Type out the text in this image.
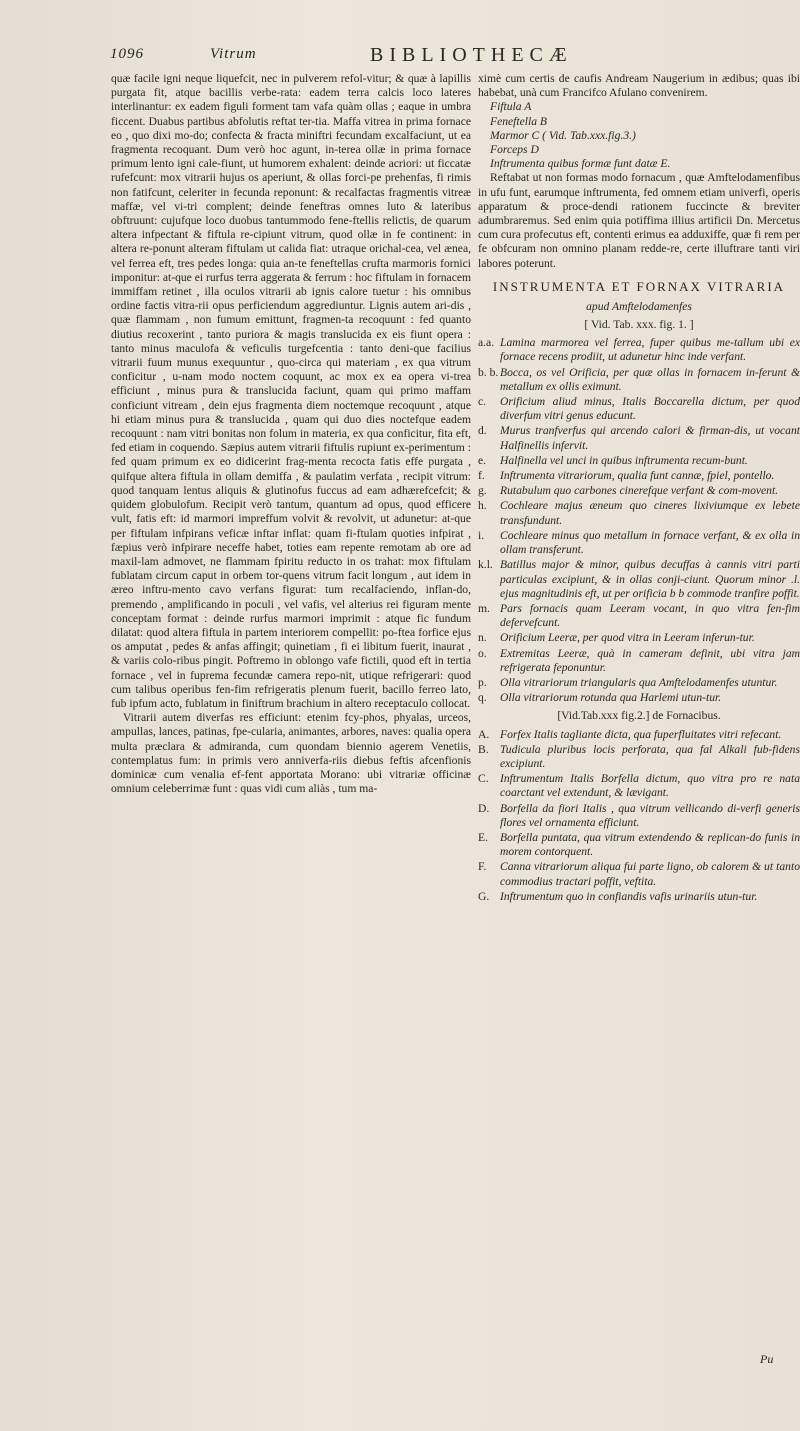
1096	Vitrum	BIBLIOTHECÆ

quæ facile igni neque liquefcit, nec in pulverem refol-vitur; & quæ à lapillis purgata fit, atque bacillis verbe-rata: eadem terra calcis loco lateres interlinantur: ex eadem figuli forment tam vafa quàm ollas ; eaque in umbra ficcent. Duabus partibus abfolutis reftat ter-tia. Maffa vitrea in prima fornace eo , quo dixi mo-do; confecta & fracta miniftri fecundam excalfaciunt, ut ea fragmenta recoquant. Dum verò hoc agunt, in-terea ollæ in prima fornace primum lento igni cale-fiunt, ut humorem exhalent: deinde acriori: ut ficcatæ rufefcunt: mox vitrarii hujus os aperiunt, & ollas forci-pe prehenfas, fi rimis non fatifcunt, celeriter in fecunda reponunt: & recalfactas fragmentis vitreæ maffæ, vel vi-tri complent; deinde feneftras omnes luto & lateribus obftruunt: cujufque loco duobus tantummodo fene-ftellis relictis, de quarum altera infpectant & fiftula re-cipiunt vitrum, quod ollæ in fe continent: in altera re-ponunt alteram fiftulam ut calida fiat: utraque orichal-cea, vel ænea, vel ferrea eft, tres pedes longa: quia an-te feneftellas crufta marmoris fornici imponitur: at-que ei rurfus terra aggerata & ferrum : hoc fiftulam in fornacem immiffam retinet , illa oculos vitrarii ab ignis calore tuetur : his omnibus ordine factis vitra-rii opus perficiendum aggrediuntur. Lignis autem ari-dis , quæ flammam , non fumum emittunt, fragmen-ta recoquunt : fed quanto diutius recoxerint , tanto puriora & magis translucida ex eis fiunt opera : tanto minus maculofa & veficulis turgefcentia : tanto deni-que facilius vitrarii fuum munus exequuntur , quo-circa qui materiam , ex qua vitrum conficitur , u-nam modo noctem coquunt, ac mox ex ea opera vi-trea efficiunt , minus pura & translucida faciunt, quam qui primo maffam conficiunt vitream , dein ejus fragmenta diem noctemque recoquunt , atque hi etiam minus pura & translucida , quam qui duo dies noctefque eadem recoquunt : nam vitri bonitas non folum in materia, ex qua conficitur, fita eft, fed etiam in coquendo. Sæpius autem vitrarii fiftulis rupiunt ex-perimentum : fed quam primum ex eo didicerint frag-menta recocta fatis effe purgata , quifque altera fiftula in ollam demiffa , & paulatim verfata , recipit vitrum: quod tanquam lentus aliquis & glutinofus fuccus ad eam adhærefcefcit; & quidem globulofum. Recipit verò tantum, quantum ad opus, quod efficere vult, fatis eft: id marmori impreffum volvit & revolvit, ut adunetur: at-que per fiftulam infpirans veficæ inftar inflat: quam fi-ftulam quoties infpirat , fæpius verò infpirare neceffe habet, toties eam repente remotam ab ore ad maxil-lam admovet, ne flammam fpiritu reducto in os trahat: mox fiftulam fublatam circum caput in orbem tor-quens vitrum facit longum , aut idem in æreo inftru-mento cavo verfans figurat: tum recalfaciendo, inflan-do, premendo , amplificando in poculi , vel vafis, vel alterius rei figuram mente conceptam format : deinde rurfus marmori imprimit : atque fic fundum dilatat: quod altera fiftula in partem interiorem compellit: po-ftea forfice ejus os amputat , pedes & anfas affingit; quinetiam , fi ei libitum fuerit, inaurat , & variis colo-ribus pingit. Poftremo in oblongo vafe fictili, quod eft in tertia fornace , vel in fuprema fecundæ camera repo-nit, utique refrigerari: quod cum talibus operibus fen-fim refrigeratis plenum fuerit, bacillo ferreo lato, fub ipfum acto, fublatum in finiftrum brachium in altero receptaculo collocat.

Vitrarii autem diverfas res efficiunt: etenim fcy-phos, phyalas, urceos, ampullas, lances, patinas, fpe-cularia, animantes, arbores, naves: qualia opera multa præclara & admiranda, cum quondam biennio agerem Venetiis, contemplatus fum: in primis vero anniverfa-riis diebus feftis afcenfionis dominicæ cum venalia ef-fent apportata Morano: ubi vitrariæ officinæ omnium celeberrimæ funt : quas vidi cum aliàs , tum ma-

ximè cum certis de caufis Andream Naugerium in ædibus; quas ibi habebat, unà cum Francifco Afulano convenirem.

Fiftula A

Feneftella B

Marmor C ( Vid. Tab.xxx.fig.3.)

Forceps D

Inftrumenta quibus formæ funt datæ E.

Reftabat ut non formas modo fornacum , quæ Amftelodamenfibus in ufu funt, earumque inftrumenta, fed omnem etiam univerfi, operis apparatum & proce-dendi rationem fuccincte & breviter adumbraremus. Sed enim quia potiffima illius artificii Dn. Mercetus cum cura profecutus eft, contenti erimus ea adduxiffe, quæ fi rem per fe obfcuram non omnino planam redde-re, certe illuftrare tanti viri labores poterunt.

INSTRUMENTA ET FORNAX VITRARIA

apud Amftelodamenfes

[ Vid. Tab. xxx. fig. 1. ]

a.a. Lamina marmorea vel ferrea, fuper quibus me-tallum ubi ex fornace recens prodiit, ut adunetur hinc inde verfant.
b. b. Bocca, os vel Orificia, per quæ ollas in fornacem in-ferunt & metallum ex ollis eximunt.
c.	Orificium aliud minus, Italis Boccarella dictum, per quod diverfum vitri genus educunt.
d.	Murus tranfverfus qui arcendo calori & firman-dis, ut vocant Halfinellis infervit.
e.	Halfinella vel unci in quibus inftrumenta recum-bunt.
f.	Inftrumenta vitrariorum, qualia funt cannæ, fpiel, pontello.
g.	Rutabulum quo carbones cinerefque verfant & com-movent.
h.	Cochleare majus æneum quo cineres lixiviumque ex lebete transfundunt.
i.	Cochleare minus quo metallum in fornace verfant, & ex olla in ollam transferunt.
k.l. Batillus major & minor, quibus decuffas à cannis vitri parti particulas excipiunt, & in ollas conji-ciunt. Quorum minor .l. ejus magnitudinis eft, ut per orificia b b commode tranfire poffit.
m. Pars fornacis quam Leeram vocant, in quo vitra fen-fim defervefcunt.
n.	Orificium Leeræ, per quod vitra in Leeram inferun-tur.
o.	Extremitas Leeræ, quà in cameram definit, ubi vitra jam refrigerata feponuntur.
p.	Olla vitrariorum triangularis qua Amftelodamenfes utuntur.
q.	Olla vitrariorum rotunda qua Harlemi utun-tur.

[Vid.Tab.xxx fig.2.] de Fornacibus.

A. Forfex Italis tagliante dicta, qua fuperfluitates vitri refecant.
B. Tudicula pluribus locis perforata, qua fal Alkali fub-fidens excipiunt.
C. Inftrumentum Italis Borfella dictum, quo vitra pro re nata coarctant vel extendunt, & lævigant.
D. Borfella da fiori Italis , qua vitrum vellicando di-verfi generis flores vel ornamenta efficiunt.
E.	Borfella puntata, qua vitrum extendendo & replican-do funis in morem contorquent.
F.	Canna vitrariorum aliqua fui parte ligno, ob calorem & ut tanto commodius tractari poffit, veftita.
G. Inftrumentum quo in confiandis vafis urinariis utun-tur.
Pu
